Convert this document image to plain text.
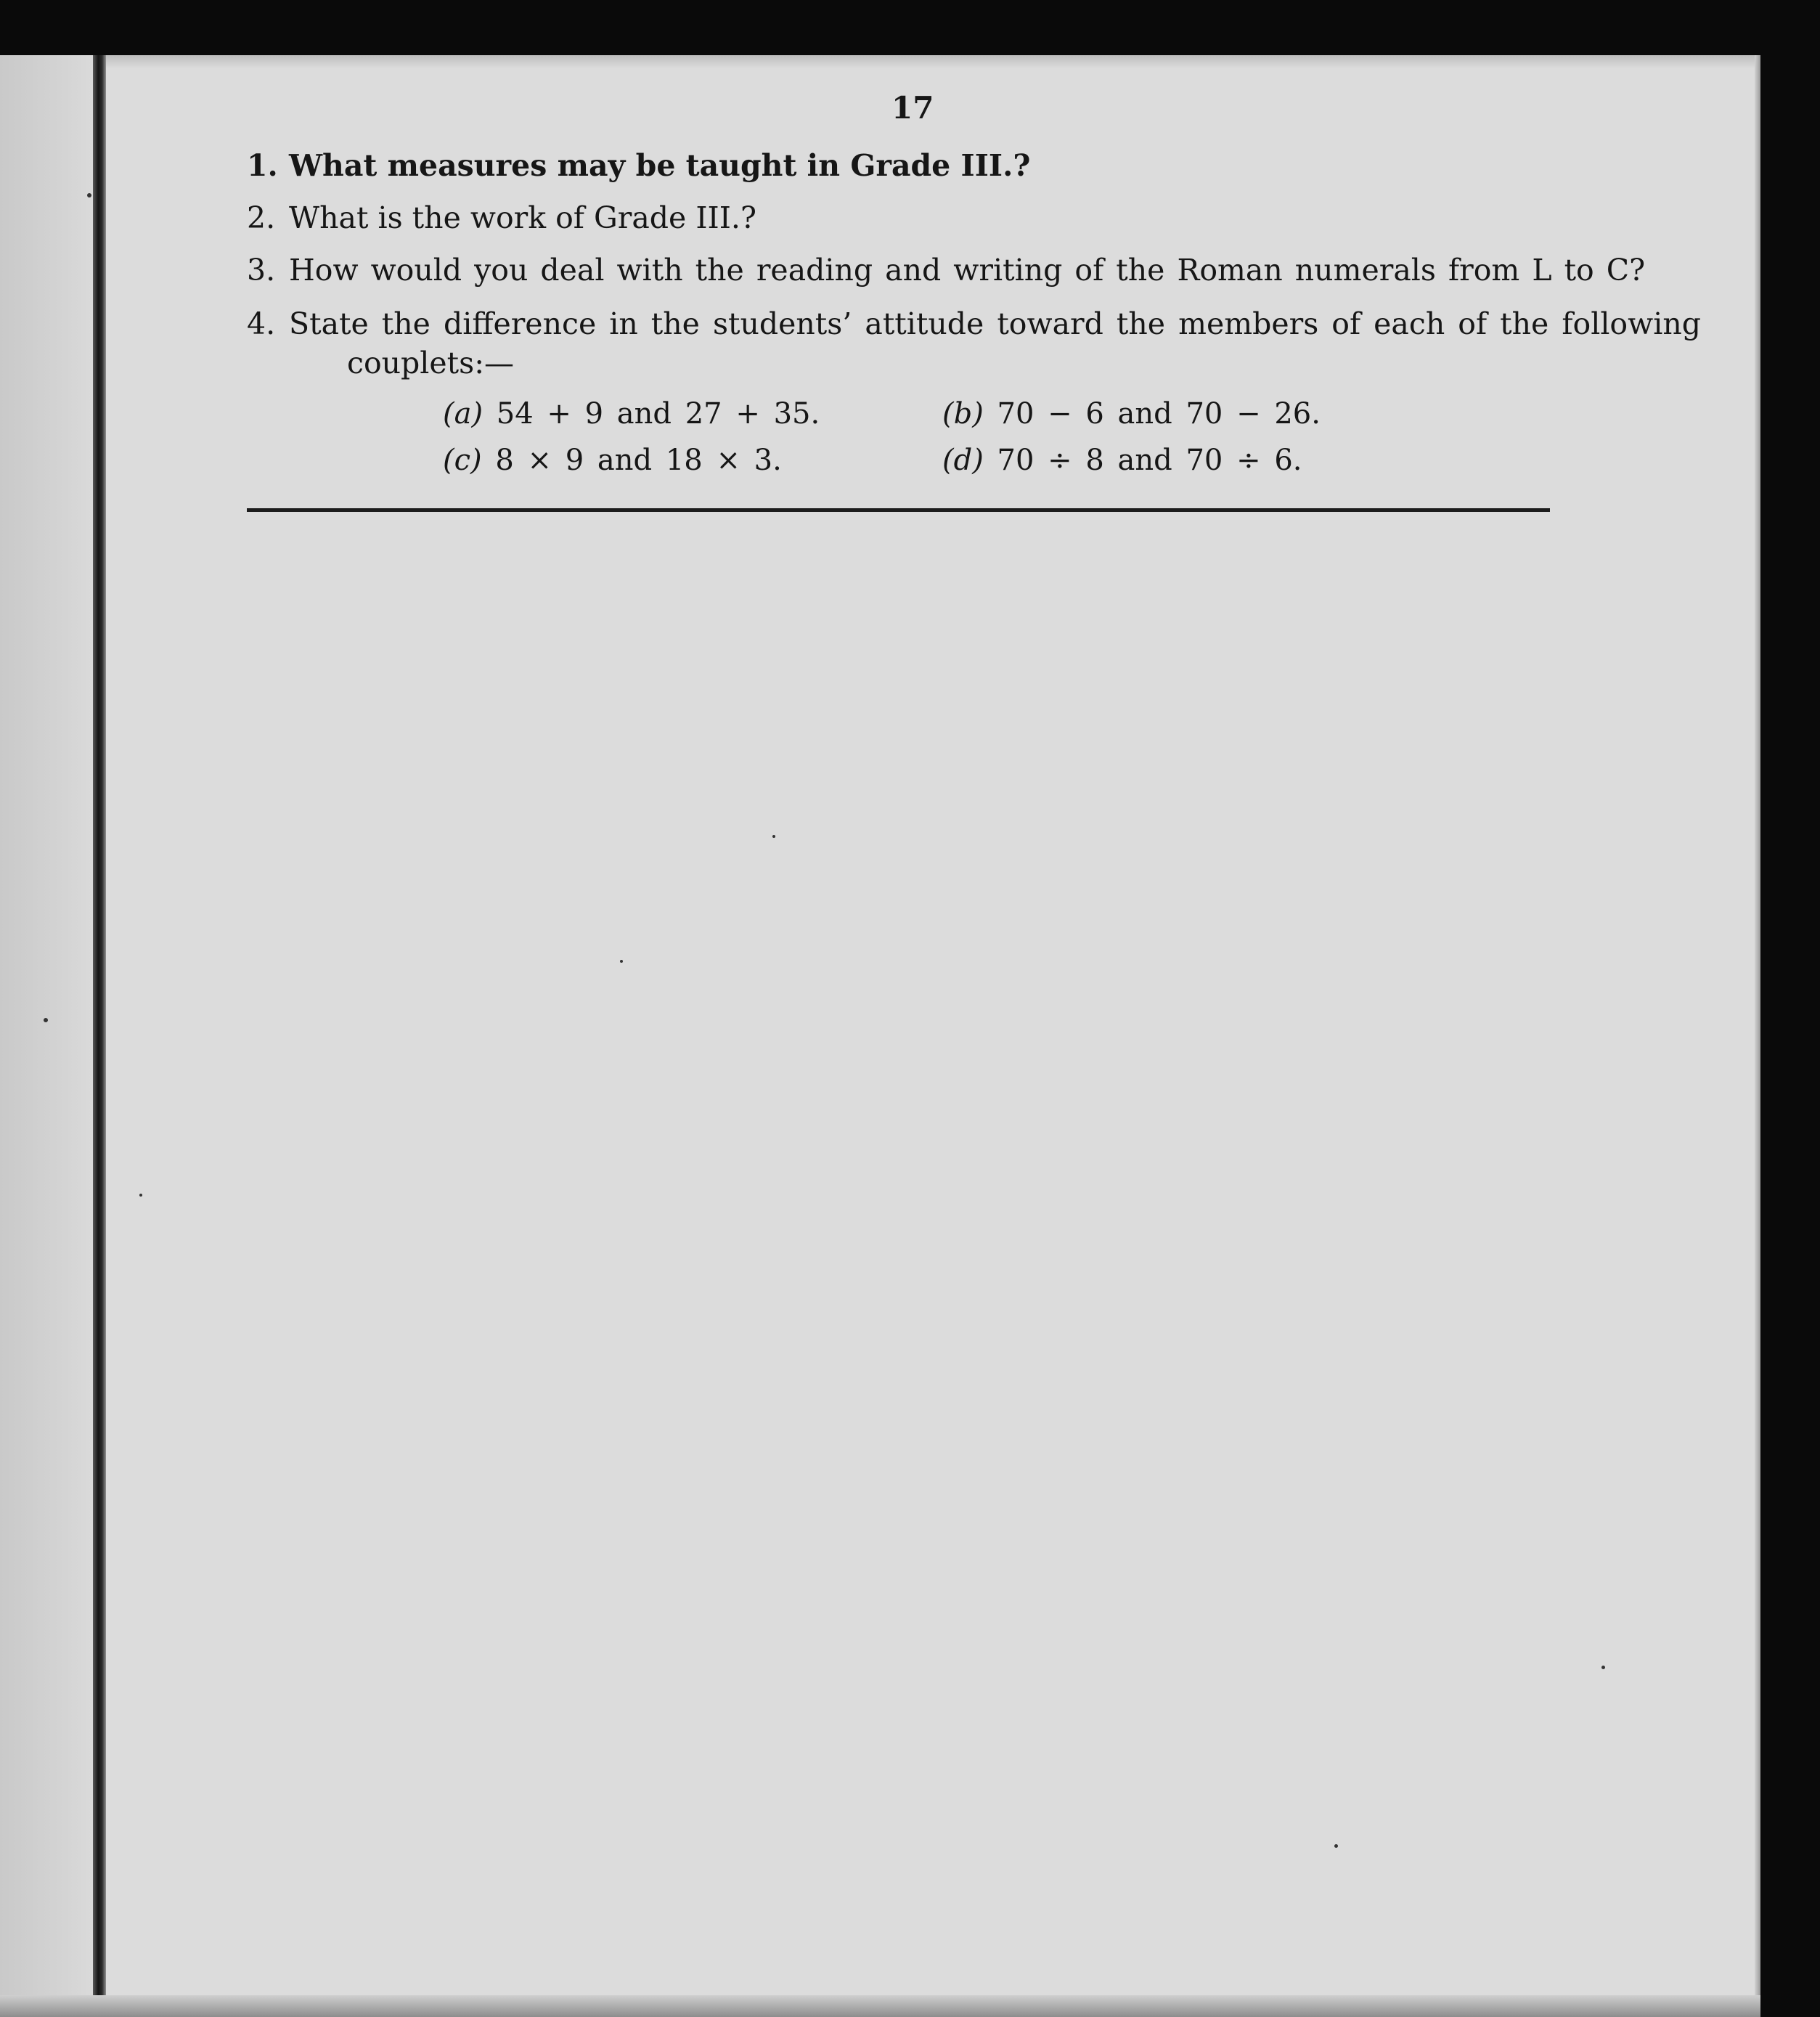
17
1. What measures may be taught in Grade III.?
2. What is the work of Grade III.?
3. How would you deal with the reading and writing of the Roman numerals from L to C?
4. State the difference in the students’ attitude toward the members of each of the following
couplets:—
(a) 54 + 9 and 27 + 35.	(b) 70 − 6 and 70 − 26.
(c) 8 × 9 and 18 × 3.	(d) 70 ÷ 8 and 70 ÷ 6.
